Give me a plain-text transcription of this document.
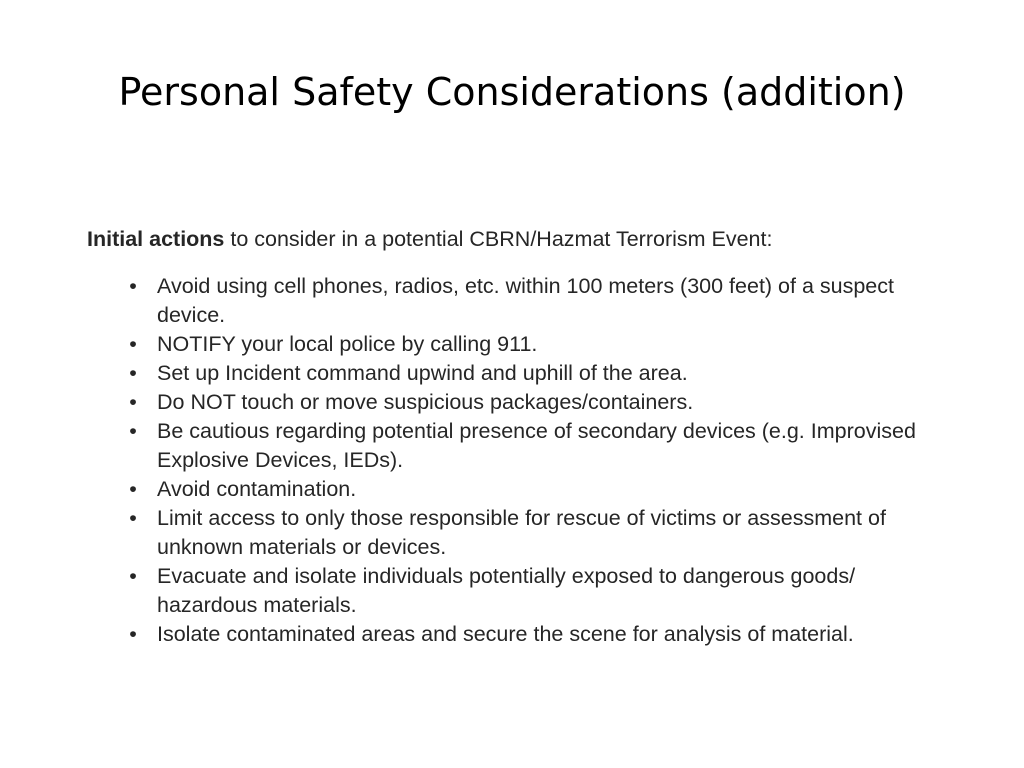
Personal Safety Considerations (addition)

Initial actions to consider in a potential CBRN/Hazmat Terrorism Event:

• Avoid using cell phones, radios, etc. within 100 meters (300 feet) of a suspect device.
• NOTIFY your local police by calling 911.
• Set up Incident command upwind and uphill of the area.
• Do NOT touch or move suspicious packages/containers.
• Be cautious regarding potential presence of secondary devices (e.g. Improvised Explosive Devices, IEDs).
• Avoid contamination.
• Limit access to only those responsible for rescue of victims or assessment of unknown materials or devices.
• Evacuate and isolate individuals potentially exposed to dangerous goods/ hazardous materials.
• Isolate contaminated areas and secure the scene for analysis of material.
